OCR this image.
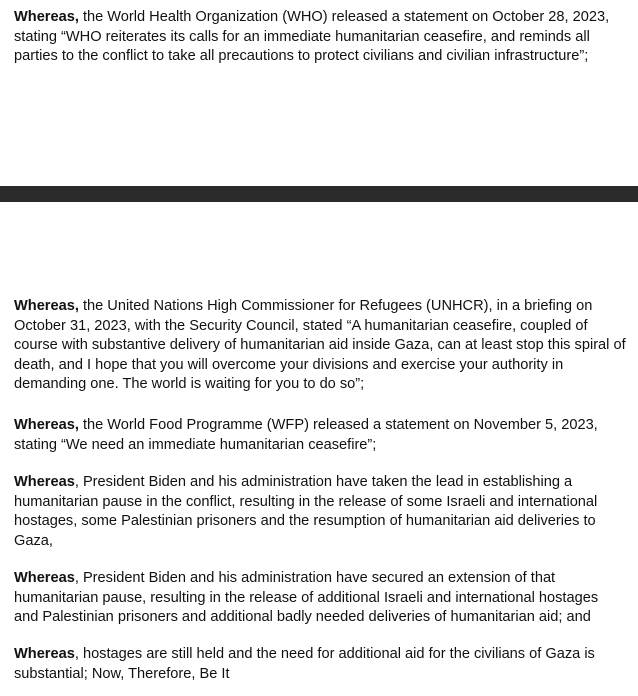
Whereas, the World Health Organization (WHO) released a statement on October 28, 2023, stating “WHO reiterates its calls for an immediate humanitarian ceasefire, and reminds all parties to the conflict to take all precautions to protect civilians and civilian infrastructure”;

Whereas, the United Nations High Commissioner for Refugees (UNHCR), in a briefing on October 31, 2023, with the Security Council, stated “A humanitarian ceasefire, coupled of course with substantive delivery of humanitarian aid inside Gaza, can at least stop this spiral of death, and I hope that you will overcome your divisions and exercise your authority in demanding one. The world is waiting for you to do so”;

Whereas, the World Food Programme (WFP) released a statement on November 5, 2023, stating “We need an immediate humanitarian ceasefire”;

Whereas, President Biden and his administration have taken the lead in establishing a humanitarian pause in the conflict, resulting in the release of some Israeli and international hostages, some Palestinian prisoners and the resumption of humanitarian aid deliveries to Gaza,

Whereas, President Biden and his administration have secured an extension of that humanitarian pause, resulting in the release of additional Israeli and international hostages and Palestinian prisoners and additional badly needed deliveries of humanitarian aid; and

Whereas, hostages are still held and the need for additional aid for the civilians of Gaza is substantial; Now, Therefore, Be It
